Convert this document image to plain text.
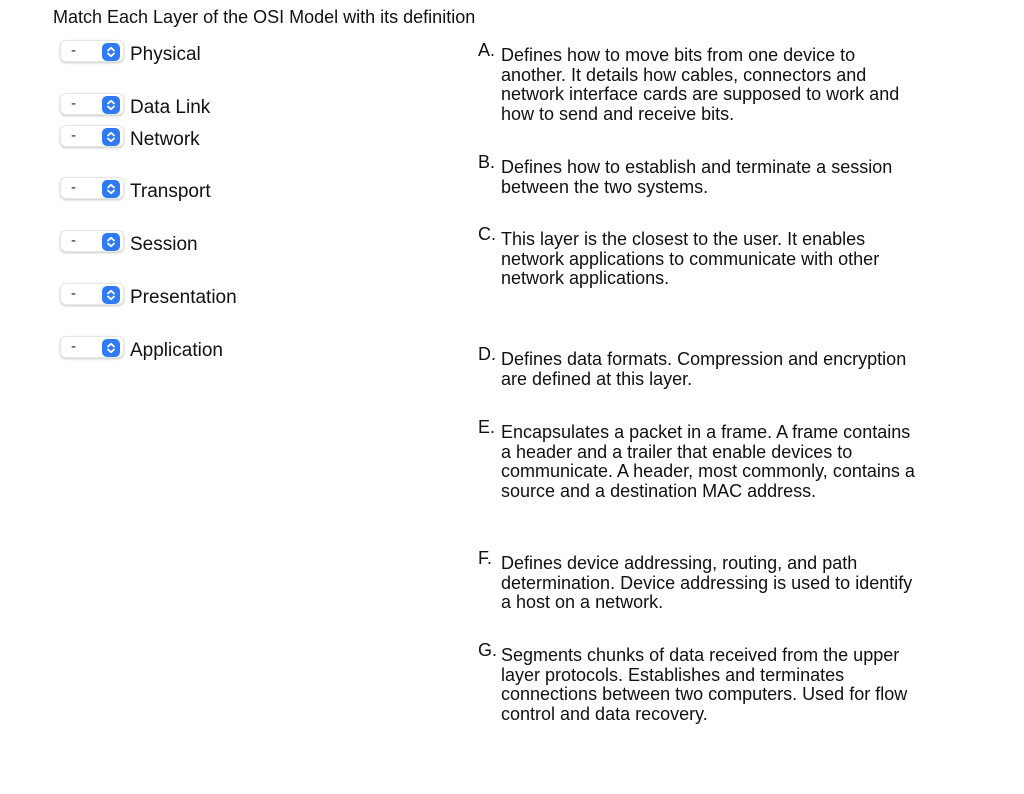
Match Each Layer of the OSI Model with its definition
-	Physical
-	Data Link
-	Network
-	Transport
-	Session
-	Presentation
-	Application
A. Defines how to move bits from one device to another. It details how cables, connectors and network interface cards are supposed to work and how to send and receive bits.
B. Defines how to establish and terminate a session between the two systems.
C. This layer is the closest to the user. It enables network applications to communicate with other network applications.
D. Defines data formats. Compression and encryption are defined at this layer.
E. Encapsulates a packet in a frame. A frame contains a header and a trailer that enable devices to communicate. A header, most commonly, contains a source and a destination MAC address.
F. Defines device addressing, routing, and path determination. Device addressing is used to identify a host on a network.
G. Segments chunks of data received from the upper layer protocols. Establishes and terminates connections between two computers. Used for flow control and data recovery.
